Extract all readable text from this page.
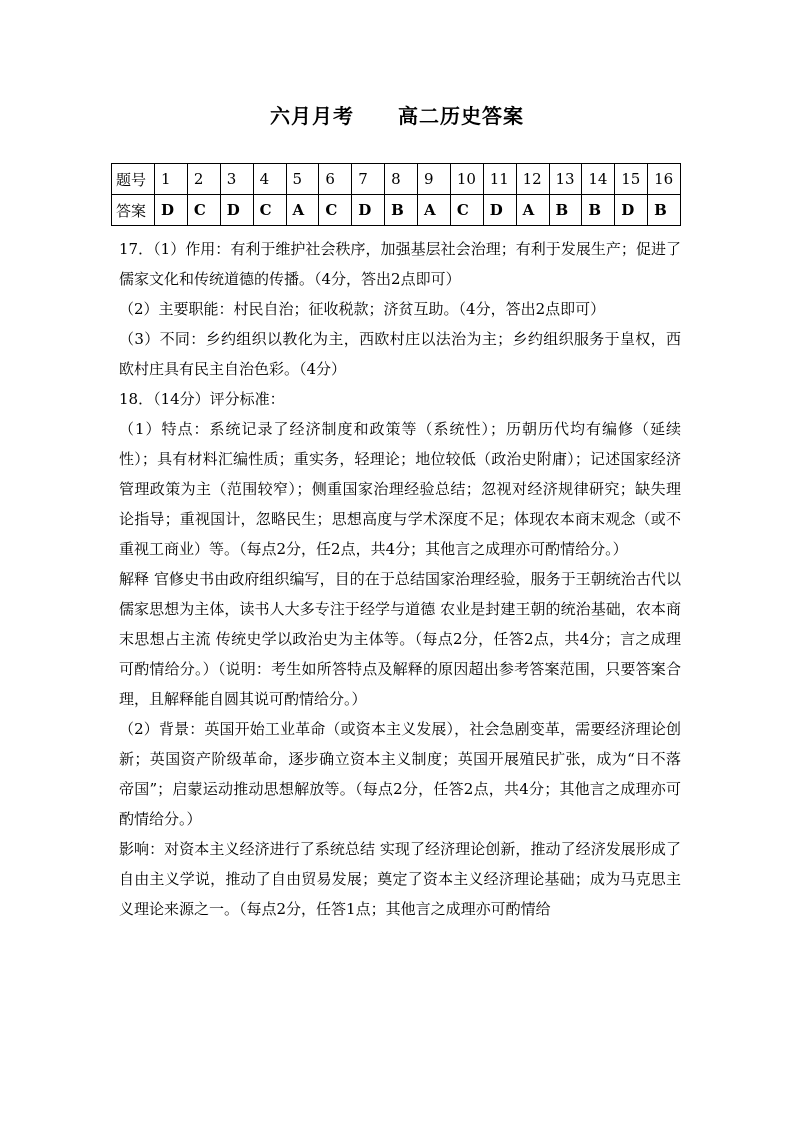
六月月考 高二历史答案
题号	1	2	3	4	5	6	7	8	9	10	11	12	13	14	15	16
答案	D	C	D	C	A	C	D	B	A	C	D	A	B	B	D	B

17．（1）作用：有利于维护社会秩序，加强基层社会治理；有利于发展生产；促进了儒家文化和传统道德的传播。（4分，答出2点即可）

（2）主要职能：村民自治；征收税款；济贫互助。（4分，答出2点即可）

（3）不同：乡约组织以教化为主，西欧村庄以法治为主；乡约组织服务于皇权，西欧村庄具有民主自治色彩。（4分）

18．（14分）评分标准：

（1）特点：系统记录了经济制度和政策等（系统性）；历朝历代均有编修（延续性）；具有材料汇编性质；重实务，轻理论；地位较低（政治史附庸）；记述国家经济管理政策为主（范围较窄）；侧重国家治理经验总结；忽视对经济规律研究；缺失理论指导；重视国计，忽略民生；思想高度与学术深度不足；体现农本商末观念（或不重视工商业）等。（每点2分，任2点，共4分；其他言之成理亦可酌情给分。）

解释 官修史书由政府组织编写，目的在于总结国家治理经验，服务于王朝统治古代以儒家思想为主体，读书人大多专注于经学与道德 农业是封建王朝的统治基础，农本商末思想占主流 传统史学以政治史为主体等。（每点2分，任答2点，共4分；言之成理可酌情给分。）（说明：考生如所答特点及解释的原因超出参考答案范围，只要答案合理，且解释能自圆其说可酌情给分。）

（2）背景：英国开始工业革命（或资本主义发展），社会急剧变革，需要经济理论创新；英国资产阶级革命，逐步确立资本主义制度；英国开展殖民扩张，成为“日不落帝国”；启蒙运动推动思想解放等。（每点2分，任答2点，共4分；其他言之成理亦可酌情给分。）

影响：对资本主义经济进行了系统总结 实现了经济理论创新，推动了经济发展形成了自由主义学说，推动了自由贸易发展；奠定了资本主义经济理论基础；成为马克思主义理论来源之一。（每点2分，任答1点；其他言之成理亦可酌情给
